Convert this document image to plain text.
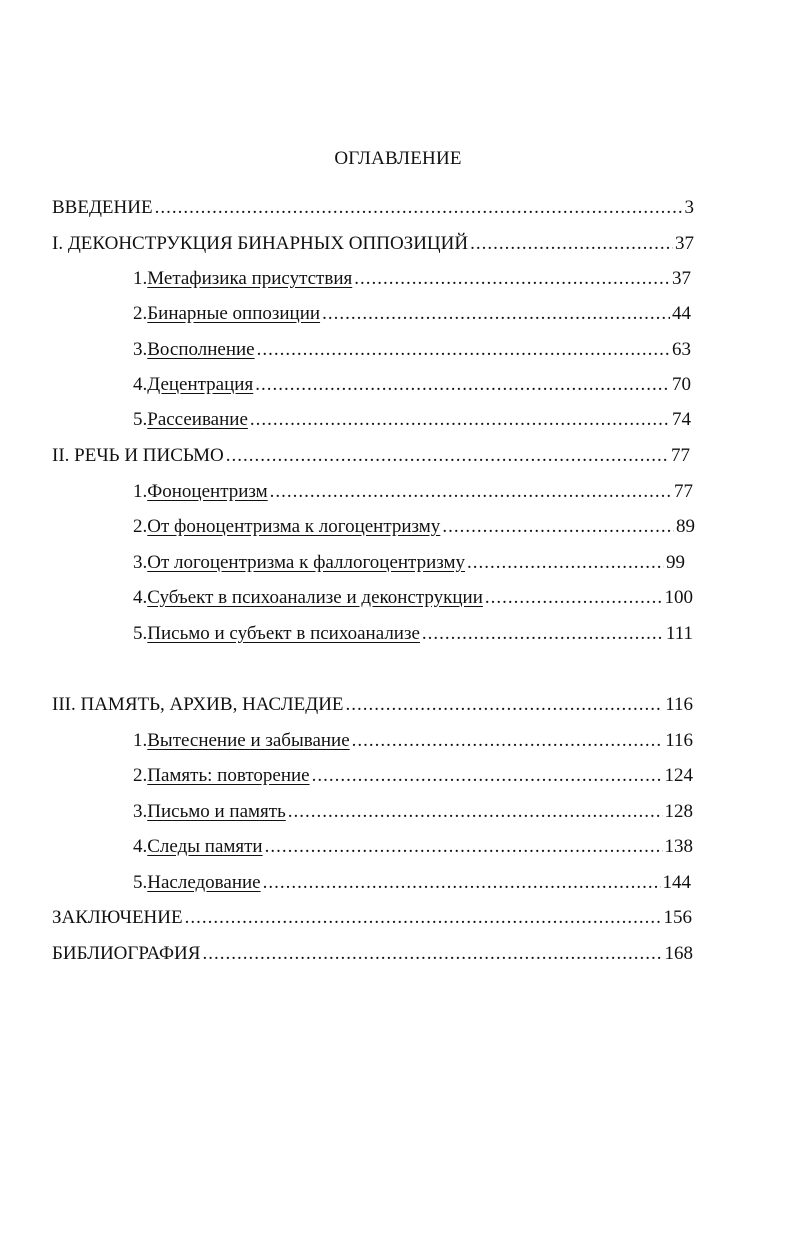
ОГЛАВЛЕНИЕ
ВВЕДЕНИЕ .....	3
I. ДЕКОНСТРУКЦИЯ БИНАРНЫХ ОППОЗИЦИЙ .....	37
1. Метафизика присутствия .....	37
2. Бинарные оппозиции .....	44
3. Восполнение .....	63
4. Децентрация .....	70
5. Рассеивание .....	74
II. РЕЧЬ И ПИСЬМО .....	77
1. Фоноцентризм .....	77
2. От фоноцентризма к логоцентризму .....	89
3. От логоцентризма к фаллогоцентризму .....	99
4. Субъект в психоанализе и деконструкции .....	100
5. Письмо и субъект в психоанализе .....	111
III. ПАМЯТЬ, АРХИВ, НАСЛЕДИЕ .....	116
1. Вытеснение и забывание .....	116
2. Память: повторение .....	124
3. Письмо и память .....	128
4. Следы памяти .....	138
5. Наследование .....	144
ЗАКЛЮЧЕНИЕ .....	156
БИБЛИОГРАФИЯ .....	168
